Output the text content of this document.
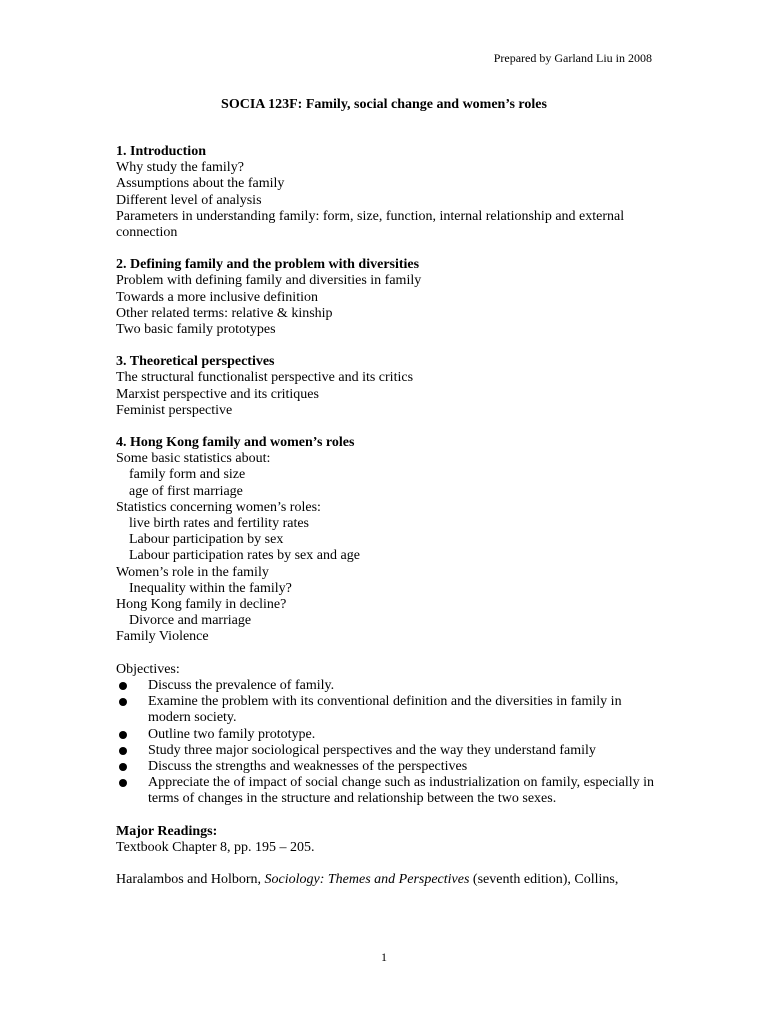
Prepared by Garland Liu in 2008
SOCIA 123F: Family, social change and women’s roles
1. Introduction
Why study the family?
Assumptions about the family
Different level of analysis
Parameters in understanding family: form, size, function, internal relationship and external connection
2. Defining family and the problem with diversities
Problem with defining family and diversities in family
Towards a more inclusive definition
Other related terms: relative & kinship
Two basic family prototypes
3. Theoretical perspectives
The structural functionalist perspective and its critics
Marxist perspective and its critiques
Feminist perspective
4. Hong Kong family and women’s roles
Some basic statistics about:
family form and size
age of first marriage
Statistics concerning women’s roles:
live birth rates and fertility rates
Labour participation by sex
Labour participation rates by sex and age
Women’s role in the family
Inequality within the family?
Hong Kong family in decline?
Divorce and marriage
Family Violence
Objectives:
Discuss the prevalence of family.
Examine the problem with its conventional definition and the diversities in family in modern society.
Outline two family prototype.
Study three major sociological perspectives and the way they understand family
Discuss the strengths and weaknesses of the perspectives
Appreciate the of impact of social change such as industrialization on family, especially in terms of changes in the structure and relationship between the two sexes.
Major Readings:
Textbook Chapter 8, pp. 195 – 205.
Haralambos and Holborn, Sociology: Themes and Perspectives (seventh edition), Collins,
1
